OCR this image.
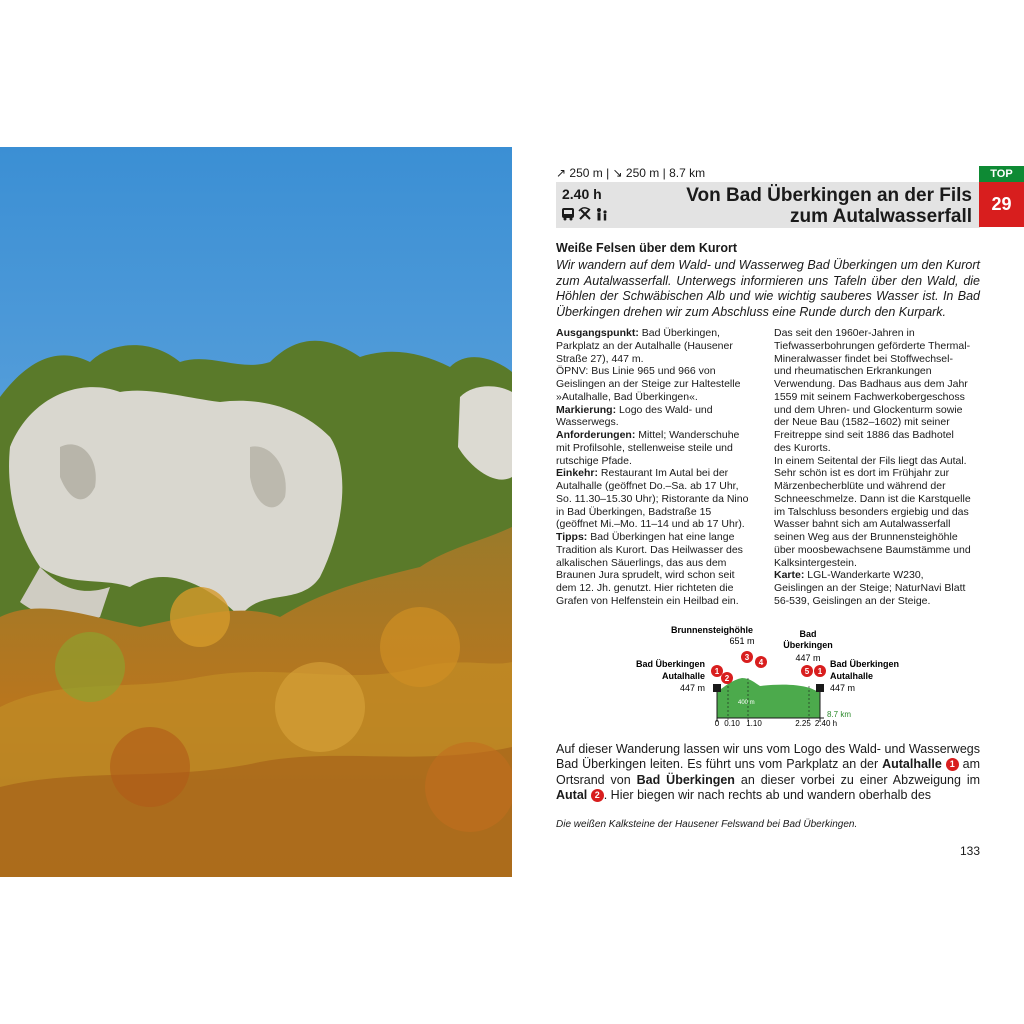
↗ 250 m | ↘ 250 m | 8.7 km
2.40 h	Von Bad Überkingen an der Fils
zum Autalwasserfall
TOP
29
Weiße Felsen über dem Kurort
Wir wandern auf dem Wald- und Wasserweg Bad Überkingen um den Kurort zum Autalwasserfall. Unterwegs informieren uns Tafeln über den Wald, die Höhlen der Schwäbischen Alb und wie wichtig sauberes Wasser ist. In Bad Überkingen drehen wir zum Abschluss eine Runde durch den Kurpark.

Ausgangspunkt: Bad Überkingen, Parkplatz an der Autalhalle (Hausener Straße 27), 447 m.

ÖPNV: Bus Linie 965 und 966 von Geislingen an der Steige zur Haltestelle »Autalhalle, Bad Überkingen«.

Markierung: Logo des Wald- und Wasserwegs.

Anforderungen: Mittel; Wanderschuhe mit Profilsohle, stellenweise steile und rutschige Pfade.

Einkehr: Restaurant Im Autal bei der Autalhalle (geöffnet Do.–Sa. ab 17 Uhr, So. 11.30–15.30 Uhr); Ristorante da Nino in Bad Überkingen, Badstraße 15 (geöffnet Mi.–Mo. 11–14 und ab 17 Uhr).

Tipps: Bad Überkingen hat eine lange Tradition als Kurort. Das Heilwasser des alkalischen Säuerlings, das aus dem Braunen Jura sprudelt, wird schon seit dem 12. Jh. genutzt. Hier richteten die Grafen von Helfenstein ein Heilbad ein.

Das seit den 1960er-Jahren in Tiefwasserbohrungen geförderte Thermal-Mineralwasser findet bei Stoffwechsel- und rheumatischen Erkrankungen Verwendung. Das Badhaus aus dem Jahr 1559 mit seinem Fachwerkobergeschoss und dem Uhren- und Glockenturm sowie der Neue Bau (1582–1602) mit seiner Freitreppe sind seit 1886 das Badhotel des Kurorts.

In einem Seitental der Fils liegt das Autal. Sehr schön ist es dort im Frühjahr zur Märzenbecherblüte und während der Schneeschmelze. Dann ist die Karstquelle im Talschluss besonders ergiebig und das Wasser bahnt sich am Autalwasserfall seinen Weg aus der Brunnensteighöhle über moosbewachsene Baumstämme und Kalksintergestein.

Karte: LGL-Wanderkarte W230, Geislingen an der Steige; NaturNavi Blatt 56-539, Geislingen an der Steige.

Brunnensteighöhle
651 m
Bad
Überkingen
447 m
Bad Überkingen
Autalhalle
447 m
Bad Überkingen
Autalhalle
447 m
400 m
1
2
3
4
5 1
0 0.10 1.10	2.25 2.40 h
8.7 km
Auf dieser Wanderung lassen wir uns vom Logo des Wald- und Wasserwegs Bad Überkingen leiten. Es führt uns vom Parkplatz an der Autalhalle 1 am Ortsrand von Bad Überkingen an dieser vorbei zu einer Abzweigung im Autal 2 . Hier biegen wir nach rechts ab und wandern oberhalb des
Die weißen Kalksteine der Hausener Felswand bei Bad Überkingen.
133
